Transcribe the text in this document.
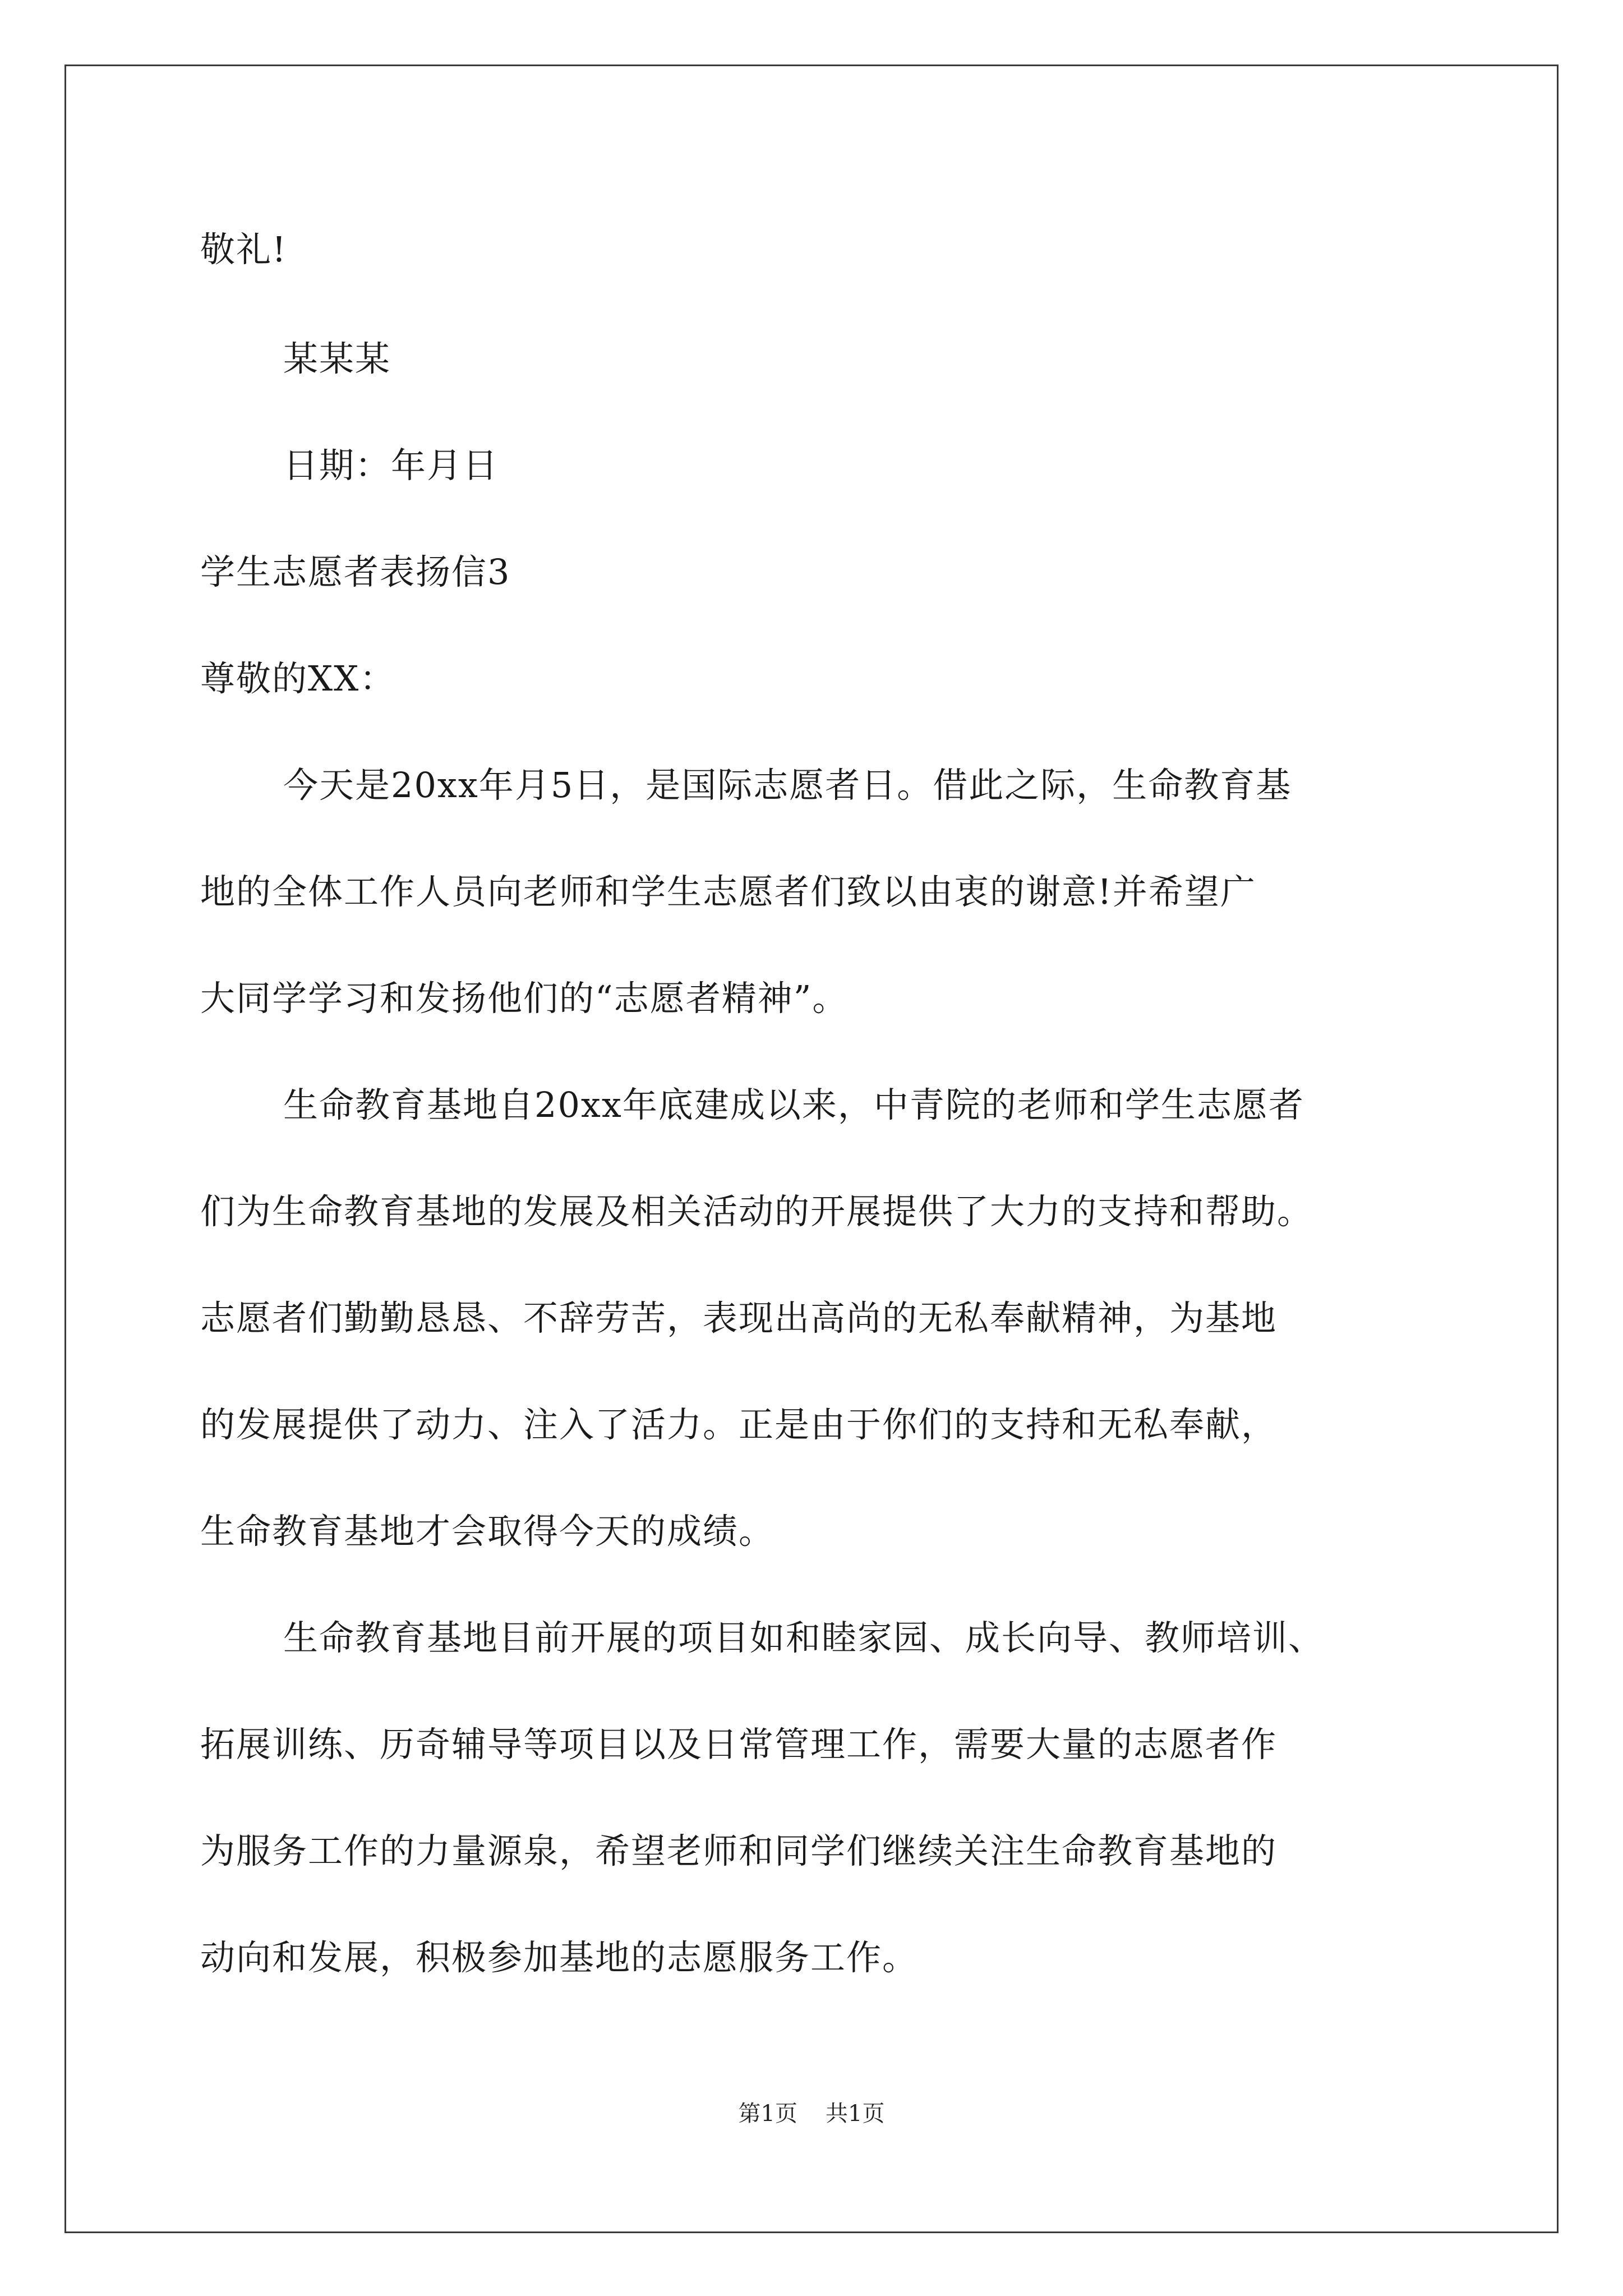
敬礼!
某某某
日期：年月日
学生志愿者表扬信3
尊敬的XX：
今天是20xx年月5日，是国际志愿者日。借此之际，生命教育基
地的全体工作人员向老师和学生志愿者们致以由衷的谢意!并希望广
大同学学习和发扬他们的“志愿者精神”。
生命教育基地自20xx年底建成以来，中青院的老师和学生志愿者
们为生命教育基地的发展及相关活动的开展提供了大力的支持和帮助。
志愿者们勤勤恳恳、不辞劳苦，表现出高尚的无私奉献精神，为基地
的发展提供了动力、注入了活力。正是由于你们的支持和无私奉献，
生命教育基地才会取得今天的成绩。
生命教育基地目前开展的项目如和睦家园、成长向导、教师培训、
拓展训练、历奇辅导等项目以及日常管理工作，需要大量的志愿者作
为服务工作的力量源泉，希望老师和同学们继续关注生命教育基地的
动向和发展，积极参加基地的志愿服务工作。
第1页 共1页
